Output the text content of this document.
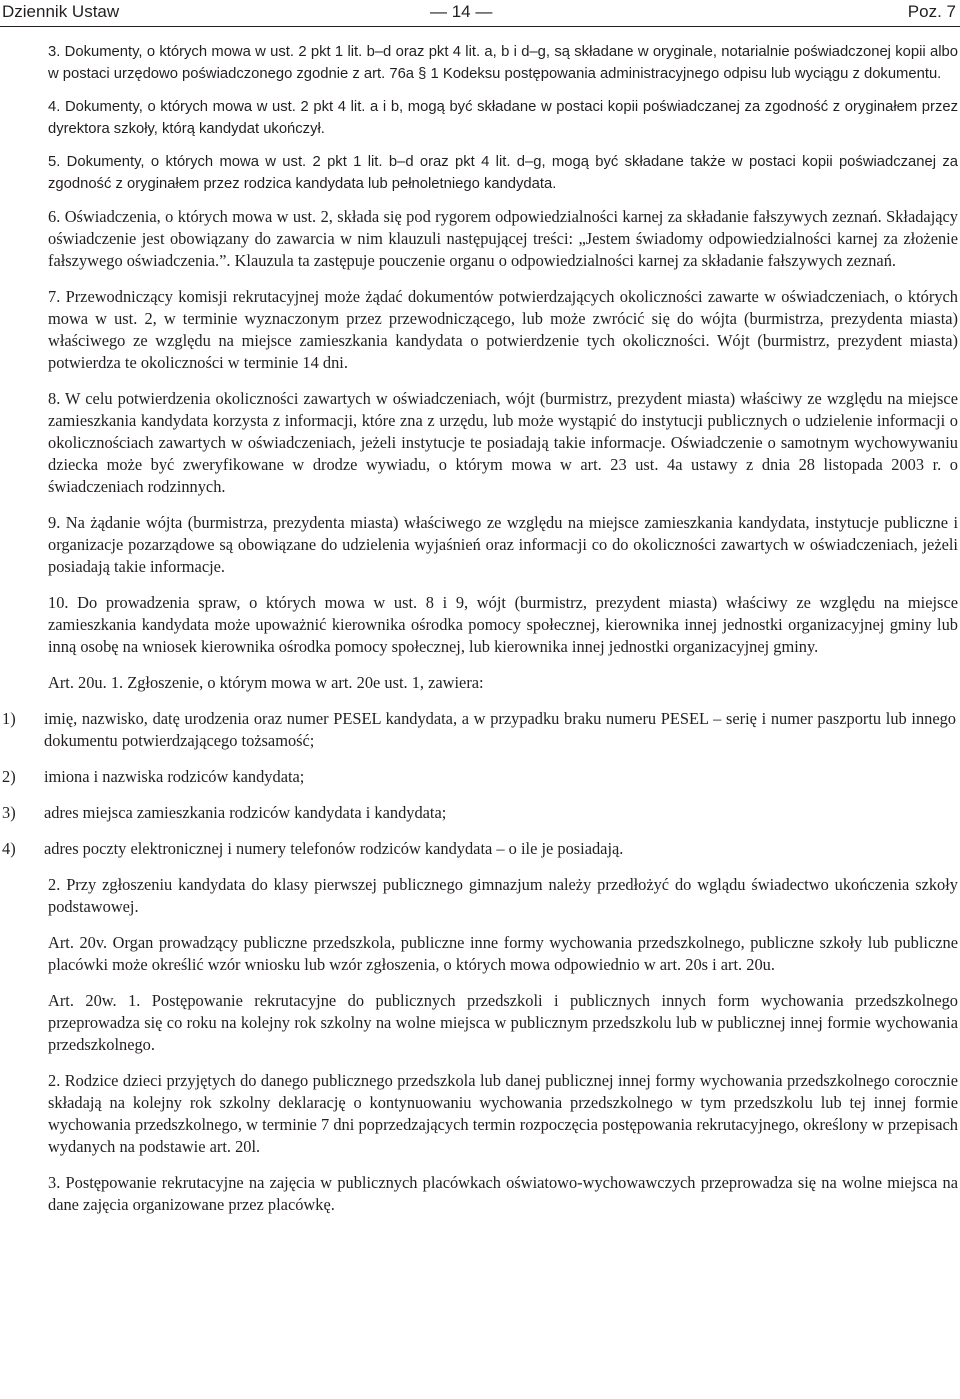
Dziennik Ustaw	— 14 —	Poz. 7

3. Dokumenty, o których mowa w ust. 2 pkt 1 lit. b–d oraz pkt 4 lit. a, b i d–g, są składane w oryginale, notarialnie poświadczonej kopii albo w postaci urzędowo poświadczonego zgodnie z art. 76a § 1 Kodeksu postępowania administracyjnego odpisu lub wyciągu z dokumentu.

4. Dokumenty, o których mowa w ust. 2 pkt 4 lit. a i b, mogą być składane w postaci kopii poświadczanej za zgodność z oryginałem przez dyrektora szkoły, którą kandydat ukończył.

5. Dokumenty, o których mowa w ust. 2 pkt 1 lit. b–d oraz pkt 4 lit. d–g, mogą być składane także w postaci kopii poświadczanej za zgodność z oryginałem przez rodzica kandydata lub pełnoletniego kandydata.

6. Oświadczenia, o których mowa w ust. 2, składa się pod rygorem odpowiedzialności karnej za składanie fałszywych zeznań. Składający oświadczenie jest obowiązany do zawarcia w nim klauzuli następującej treści: „Jestem świadomy odpowiedzialności karnej za złożenie fałszywego oświadczenia.”. Klauzula ta zastępuje pouczenie organu o odpowiedzialności karnej za składanie fałszywych zeznań.

7. Przewodniczący komisji rekrutacyjnej może żądać dokumentów potwierdzających okoliczności zawarte w oświadczeniach, o których mowa w ust. 2, w terminie wyznaczonym przez przewodniczącego, lub może zwrócić się do wójta (burmistrza, prezydenta miasta) właściwego ze względu na miejsce zamieszkania kandydata o potwierdzenie tych okoliczności. Wójt (burmistrz, prezydent miasta) potwierdza te okoliczności w terminie 14 dni.

8. W celu potwierdzenia okoliczności zawartych w oświadczeniach, wójt (burmistrz, prezydent miasta) właściwy ze względu na miejsce zamieszkania kandydata korzysta z informacji, które zna z urzędu, lub może wystąpić do instytucji publicznych o udzielenie informacji o okolicznościach zawartych w oświadczeniach, jeżeli instytucje te posiadają takie informacje. Oświadczenie o samotnym wychowywaniu dziecka może być zweryfikowane w drodze wywiadu, o którym mowa w art. 23 ust. 4a ustawy z dnia 28 listopada 2003 r. o świadczeniach rodzinnych.

9. Na żądanie wójta (burmistrza, prezydenta miasta) właściwego ze względu na miejsce zamieszkania kandydata, instytucje publiczne i organizacje pozarządowe są obowiązane do udzielenia wyjaśnień oraz informacji co do okoliczności zawartych w oświadczeniach, jeżeli posiadają takie informacje.

10. Do prowadzenia spraw, o których mowa w ust. 8 i 9, wójt (burmistrz, prezydent miasta) właściwy ze względu na miejsce zamieszkania kandydata może upoważnić kierownika ośrodka pomocy społecznej, kierownika innej jednostki organizacyjnej gminy lub inną osobę na wniosek kierownika ośrodka pomocy społecznej, lub kierownika innej jednostki organizacyjnej gminy.

Art. 20u. 1. Zgłoszenie, o którym mowa w art. 20e ust. 1, zawiera:

1)	imię, nazwisko, datę urodzenia oraz numer PESEL kandydata, a w przypadku braku numeru PESEL – serię i numer paszportu lub innego dokumentu potwierdzającego tożsamość;
2)	imiona i nazwiska rodziców kandydata;
3)	adres miejsca zamieszkania rodziców kandydata i kandydata;
4)	adres poczty elektronicznej i numery telefonów rodziców kandydata – o ile je posiadają.

2. Przy zgłoszeniu kandydata do klasy pierwszej publicznego gimnazjum należy przedłożyć do wglądu świadectwo ukończenia szkoły podstawowej.

Art. 20v. Organ prowadzący publiczne przedszkola, publiczne inne formy wychowania przedszkolnego, publiczne szkoły lub publiczne placówki może określić wzór wniosku lub wzór zgłoszenia, o których mowa odpowiednio w art. 20s i art. 20u.

Art. 20w. 1. Postępowanie rekrutacyjne do publicznych przedszkoli i publicznych innych form wychowania przedszkolnego przeprowadza się co roku na kolejny rok szkolny na wolne miejsca w publicznym przedszkolu lub w publicznej innej formie wychowania przedszkolnego.

2. Rodzice dzieci przyjętych do danego publicznego przedszkola lub danej publicznej innej formy wychowania przedszkolnego corocznie składają na kolejny rok szkolny deklarację o kontynuowaniu wychowania przedszkolnego w tym przedszkolu lub tej innej formie wychowania przedszkolnego, w terminie 7 dni poprzedzających termin rozpoczęcia postępowania rekrutacyjnego, określony w przepisach wydanych na podstawie art. 20l.

3. Postępowanie rekrutacyjne na zajęcia w publicznych placówkach oświatowo-wychowawczych przeprowadza się na wolne miejsca na dane zajęcia organizowane przez placówkę.
